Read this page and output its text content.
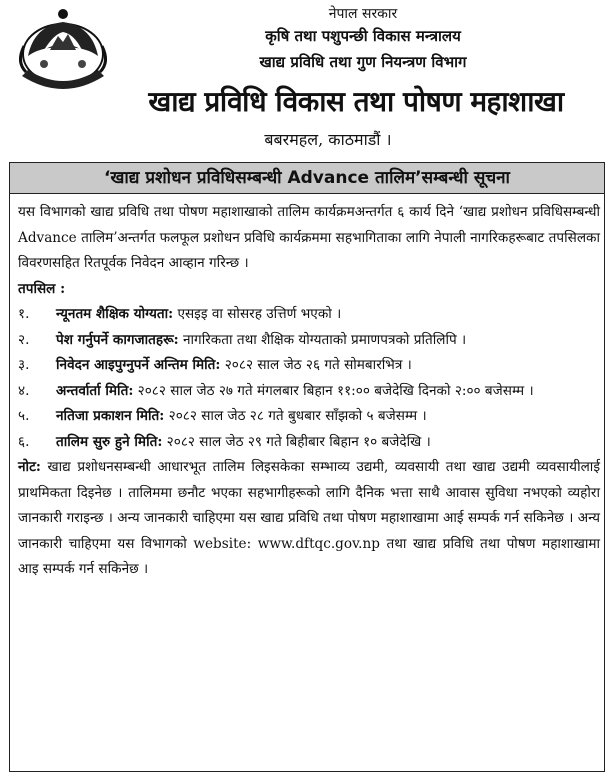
नेपाल सरकार
कृषि तथा पशुपन्छी विकास मन्त्रालय
खाद्य प्रविधि तथा गुण नियन्त्रण विभाग
खाद्य प्रविधि विकास तथा पोषण महाशाखा
बबरमहल, काठमाडौं ।
‘खाद्य प्रशोधन प्रविधिसम्बन्धी Advance तालिम’सम्बन्धी सूचना

यस विभागको खाद्य प्रविधि तथा पोषण महाशाखाको तालिम कार्यक्रमअन्तर्गत ६ कार्य दिने ‘खाद्य प्रशोधन प्रविधिसम्बन्धी Advance तालिम’अन्तर्गत फलफूल प्रशोधन प्रविधि कार्यक्रममा सहभागिताका लागि नेपाली नागरिकहरूबाट तपसिलका विवरणसहित रितपूर्वक निवेदन आव्हान गरिन्छ ।

तपसिल :
१.	न्यूनतम शैक्षिक योग्यता: एसइइ वा सोसरह उत्तिर्ण भएको ।
२.	पेश गर्नुपर्ने कागजातहरू: नागरिकता तथा शैक्षिक योग्यताको प्रमाणपत्रको प्रतिलिपि ।
३.	निवेदन आइपुग्नुपर्ने अन्तिम मिति: २०८२ साल जेठ २६ गते सोमबारभित्र ।
४.	अन्तर्वार्ता मिति: २०८२ साल जेठ २७ गते मंगलबार बिहान ११:०० बजेदेखि दिनको २:०० बजेसम्म ।
५.	नतिजा प्रकाशन मिति: २०८२ साल जेठ २८ गते बुधबार साँझको ५ बजेसम्म ।
६.	तालिम सुरु हुने मिति: २०८२ साल जेठ २९ गते बिहीबार बिहान १० बजेदेखि ।

नोट: खाद्य प्रशोधनसम्बन्धी आधारभूत तालिम लिइसकेका सम्भाव्य उद्यमी, व्यवसायी तथा खाद्य उद्यमी व्यवसायीलाई प्राथमिकता दिइनेछ । तालिममा छनौट भएका सहभागीहरूको लागि दैनिक भत्ता साथै आवास सुविधा नभएको व्यहोरा जानकारी गराइन्छ । अन्य जानकारी चाहिएमा यस खाद्य प्रविधि तथा पोषण महाशाखामा आई सम्पर्क गर्न सकिनेछ । अन्य जानकारी चाहिएमा यस विभागको website: www.dftqc.gov.np तथा खाद्य प्रविधि तथा पोषण महाशाखामा आइ सम्पर्क गर्न सकिनेछ ।
